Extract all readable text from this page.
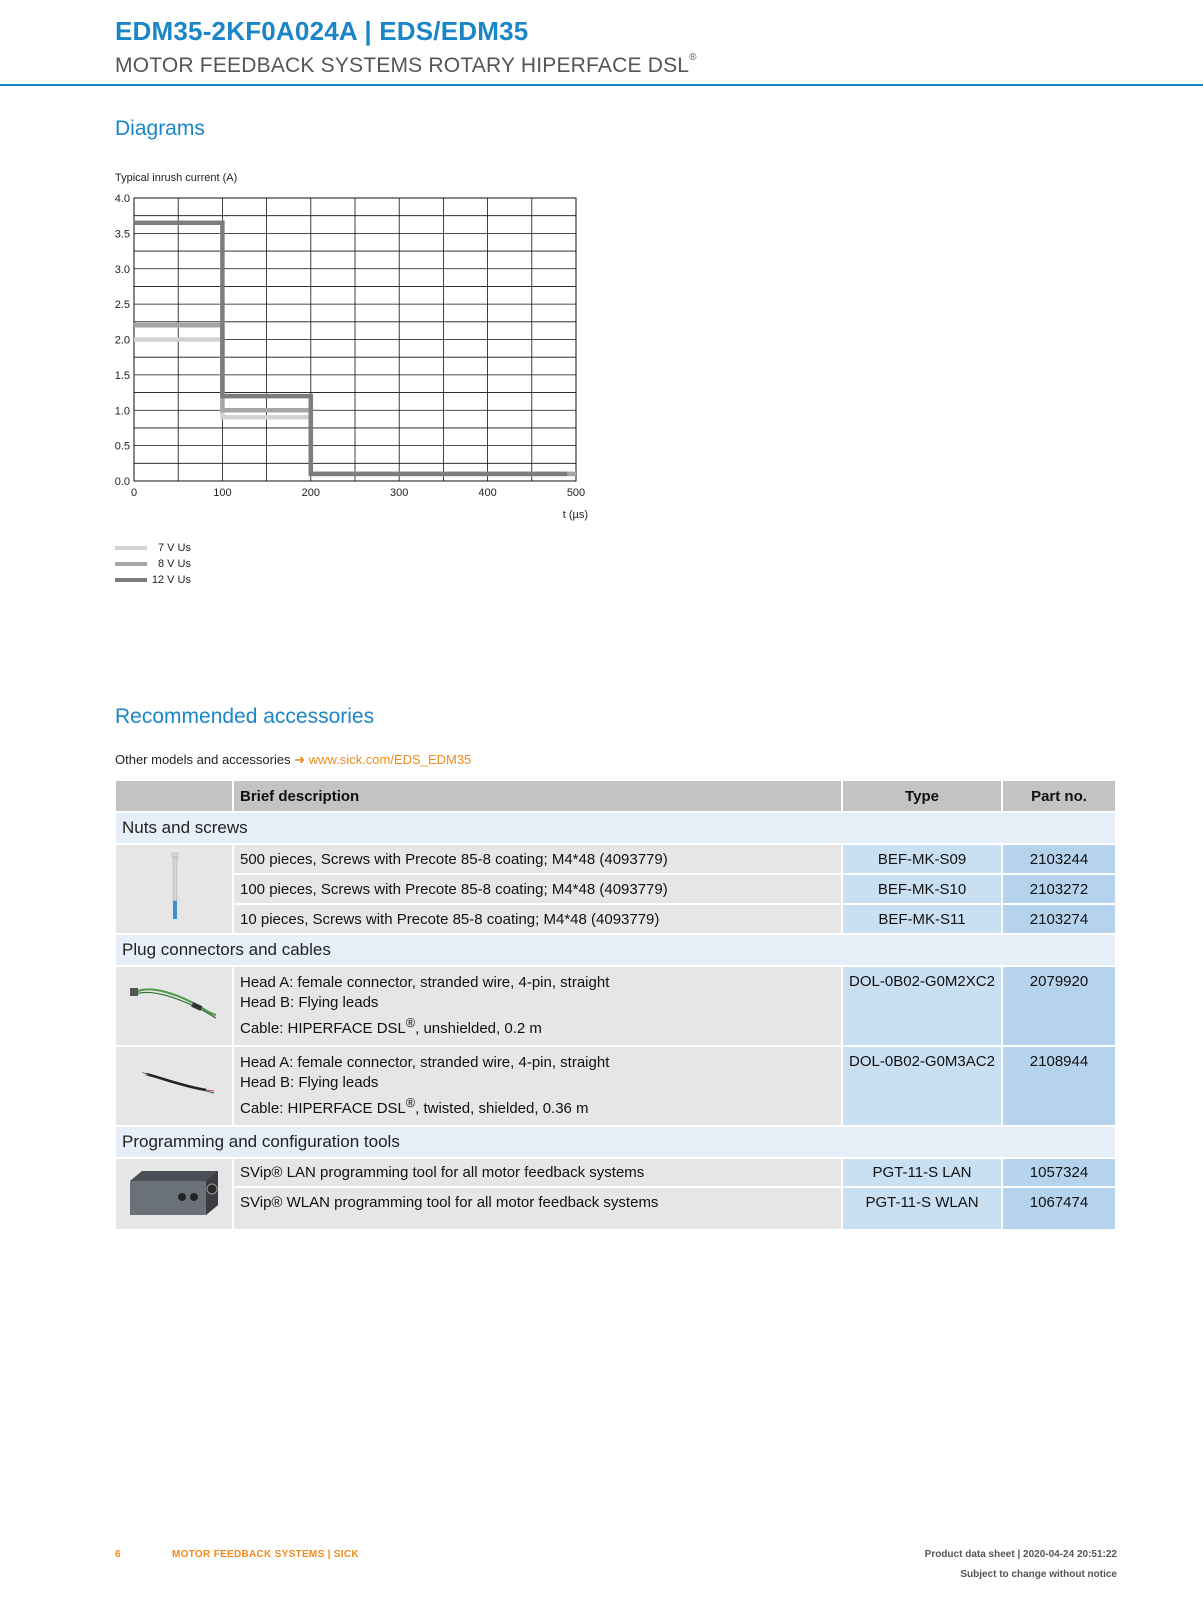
EDM35-2KF0A024A | EDS/EDM35
MOTOR FEEDBACK SYSTEMS ROTARY HIPERFACE DSL®
Diagrams
Typical inrush current (A)
0.0
0.5
1.0
1.5
2.0
2.5
3.0
3.5
4.0
0	100	200	300	400	500
t (µs)
7 V Us
8 V Us
12 V Us
Recommended accessories
Other models and accessories ➜ www.sick.com/EDS_EDM35
	Brief description	Type	Part no.
Nuts and screws			
	500 pieces, Screws with Precote 85-8 coating; M4*48 (4093779)	BEF-MK-S09	2103244
	100 pieces, Screws with Precote 85-8 coating; M4*48 (4093779)	BEF-MK-S10	2103272
	10 pieces, Screws with Precote 85-8 coating; M4*48 (4093779)	BEF-MK-S11	2103274
Plug connectors and cables			

Head A: female connector, stranded wire, 4-pin, straight
Head B: Flying leads
Cable: HIPERFACE DSL®, unshielded, 0.2 m	DOL-0B02-G0M2XC2	2079920

Head A: female connector, stranded wire, 4-pin, straight
Head B: Flying leads
Cable: HIPERFACE DSL®, twisted, shielded, 0.36 m	DOL-0B02-G0M3AC2	2108944
Programming and configuration tools			
	SVip® LAN programming tool for all motor feedback systems	PGT-11-S LAN	1057324
	SVip® WLAN programming tool for all motor feedback systems	PGT-11-S WLAN	1067474
6	MOTOR FEEDBACK SYSTEMS | SICK	Product data sheet | 2020-04-24 20:51:22
Subject to change without notice
